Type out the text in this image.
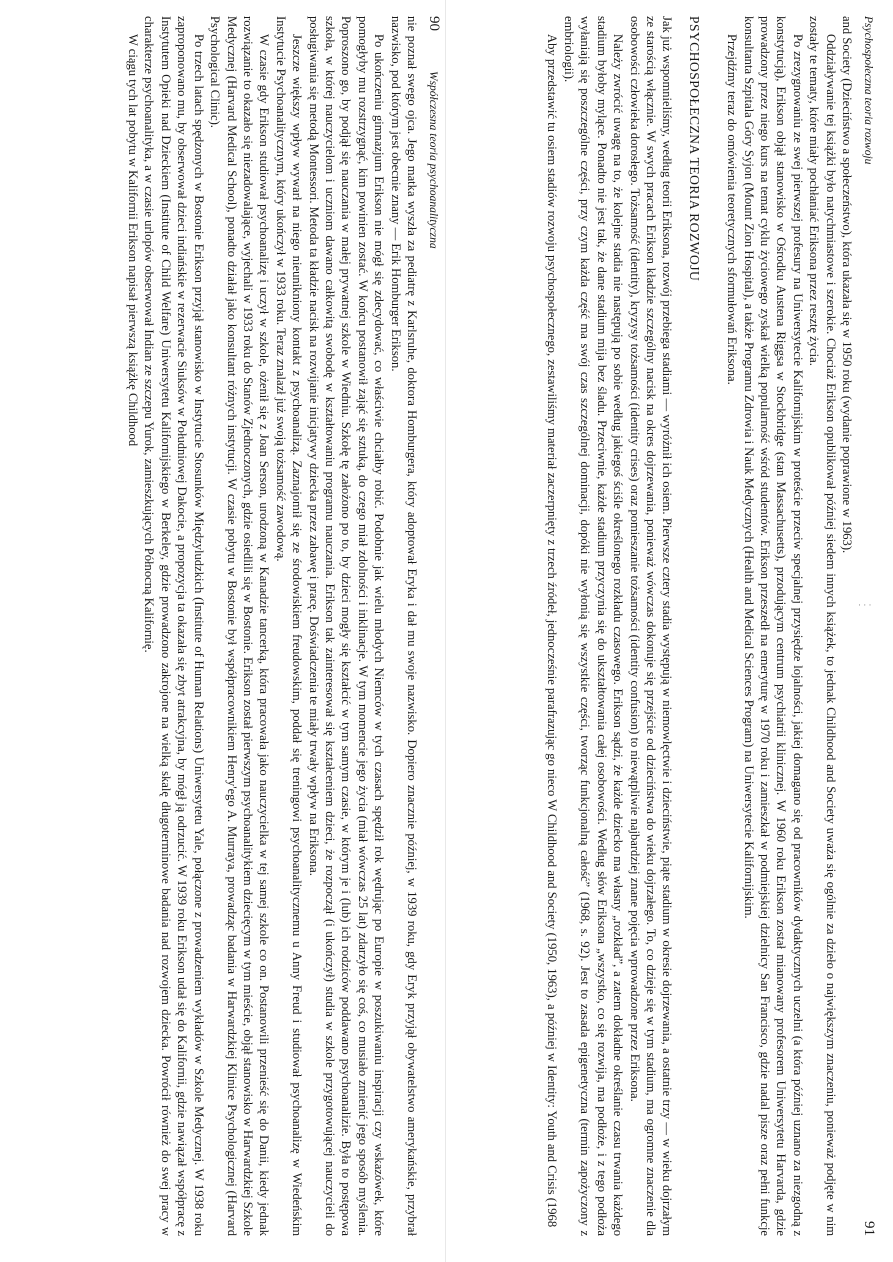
· · ·
90
Współczesna teoria psychoanalityczna

nie poznał swego ojca. Jego matka wyszła za pediatrę z Karlsruhe, doktora Homburgera, który adoptował Eryka i dał mu swoje nazwisko. Dopiero znacznie później, w 1939 roku, gdy Eryk przyjął obywatelstwo amerykańskie, przybrał nazwisko, pod którym jest obecnie znany — Erik Homburger Erikson.

Po ukończeniu gimnazjum Erikson nie mógł się zdecydować, co właściwie chciałby robić. Podobnie jak wielu młodych Niemców w tych czasach spędził rok wędrując po Europie w poszukiwaniu inspiracji czy wskazówek, które pomogłyby mu rozstrzygnąć, kim powinien zostać. W końcu postanowił zająć się sztuką, do czego miał zdolności i inklinacje. W tym momencie jego życia (miał wówczas 25 lat) zdarzyło się coś, co musiało zmienić jego sposób myślenia. Poproszono go, by podjął się nauczania w małej prywatnej szkole w Wiedniu. Szkołę tę założono po to, by dzieci mogły się kształcić w tym samym czasie, w którym je i (lub) ich rodziców poddawano psychoanalizie. Była to postępowa szkoła, w której nauczycielom i uczniom dawano całkowitą swobodę w kształtowaniu programu nauczania. Erikson tak zainteresował się kształceniem dzieci, że rozpoczął (i ukończył) studia w szkole przygotowującej nauczycieli do posługiwania się metodą Montessori. Metoda ta kładzie nacisk na rozwijanie inicjatywy dziecka przez zabawę i pracę. Doświadczenia te miały trwały wpływ na Eriksona.

Jeszcze większy wpływ wywarł na niego nieunikniony kontakt z psychoanalizą. Zaznajomił się ze środowiskiem freudowskim, poddał się treningowi psychoanalitycznemu u Anny Freud i studiował psychoanalizę w Wiedeńskim Instytucie Psychoanalitycznym, który ukończył w 1933 roku. Teraz znalazł już swoją tożsamość zawodową.

W czasie gdy Erikson studiował psychoanalizę i uczył w szkole, ożenił się z Joan Serson, urodzoną w Kanadzie tancerką, która pracowała jako nauczycielka w tej samej szkole co on. Postanowili przenieść się do Danii, kiedy jednak rozwiązanie to okazało się niezadowalające, wyjechali w 1933 roku do Stanów Zjednoczonych, gdzie osiedlili się w Bostonie. Erikson został pierwszym psychoanalitykiem dziecięcym w tym mieście, objął stanowisko w Harwardzkiej Szkole Medycznej (Harvard Medical School), ponadto działał jako konsultant różnych instytucji. W czasie pobytu w Bostonie był współpracownikiem Henry'ego A. Murraya, prowadząc badania w Harwardzkiej Klinice Psychologicznej (Harvard Psychological Clinic).

Po trzech latach spędzonych w Bostonie Erikson przyjął stanowisko w Instytucie Stosunków Międzyludzkich (Institute of Human Relations) Uniwersytetu Yale, połączone z prowadzeniem wykładów w Szkole Medycznej. W 1938 roku zaproponowano mu, by obserwował dzieci indiańskie w rezerwacie Siuksów w Południowej Dakocie, a propozycja ta okazała się zbyt atrakcyjna, by mógł ją odrzucić. W 1939 roku Erikson udał się do Kalifornii, gdzie nawiązał współpracę z Instytutem Opieki nad Dzieckiem (Institute of Child Welfare) Uniwersytetu Kalifornijskiego w Berkeley, gdzie prowadzono zakrojone na wielką skalę długoterminowe badania nad rozwojem dziecka. Powrócił również do swej pracy w charakterze psychoanalityka, a w czasie urlopów obserwował Indian ze szczepu Yurok, zamieszkujących Północną Kalifornię.

W ciągu tych lat pobytu w Kalifornii Erikson napisał pierwszą książkę Childhood	Psychospołeczna teoria rozwoju
91

and Society (Dzieciństwo a społeczeństwo), która ukazała się w 1950 roku (wydanie poprawione w 1963).

Oddziaływanie tej książki było natychmiastowe i szerokie. Chociaż Erikson opublikował później siedem innych książek, to jednak Childhood and Society uważa się ogólnie za dzieło o największym znaczeniu, ponieważ podjęte w nim zostały te tematy, które miały pochłaniać Eriksona przez resztę życia.

Po zrezygnowaniu ze swej pierwszej profesury na Uniwersytecie Kalifornijskim w proteście przeciw specjalnej przysiędze lojalności, jakiej domagano się od pracowników dydaktycznych uczelni (a która później uznano za niezgodną z konstytucją), Erikson objął stanowisko w Ośrodku Austena Riggsa w Stockbridge (stan Massachusetts), przodującym centrum psychiatrii klinicznej. W 1960 roku Erikson został mianowany profesorem Uniwersytetu Harvarda, gdzie prowadzony przez niego kurs na temat cyklu życiowego zyskał wielką popularność wśród studentów. Erikson przeszedł na emeryturę w 1970 roku i zamieszkał w podmiejskiej dzielnicy San Francisco, gdzie nadal pisze oraz pełni funkcje konsultanta Szpitala Góry Syjon (Mount Zion Hospital), a także Programu Zdrowia i Nauk Medycznych (Health and Medical Sciences Program) na Uniwersytecie Kalifornijskim.

Przejdźmy teraz do omówienia teoretycznych sformułowań Eriksona.

PSYCHOSPOŁECZNA TEORIA ROZWOJU

Jak już wspomnieliśmy, według teorii Eriksona, rozwój przebiega stadiami — wyróżnił ich osiem. Pierwsze cztery stadia występują w niemowlęctwie i dzieciństwie, piąte stadium w okresie dojrzewania, a ostatnie trzy — w wieku dojrzałym ze starością włącznie. W swych pracach Erikson kładzie szczególny nacisk na okres dojrzewania, ponieważ wówczas dokonuje się przejście od dzieciństwa do wieku dojrzałego. To, co dzieje się w tym stadium, ma ogromne znaczenie dla osobowości człowieka dorosłego. Tożsamość (identity), kryzysy tożsamości (identity crises) oraz pomieszanie tożsamości (identity confusion) to niewątpliwie najbardziej znane pojęcia wprowadzone przez Eriksona.

Należy zwrócić uwagę na to, że kolejne stadia nie następują po sobie według jakiegoś ściśle określonego rozkładu czasowego. Erikson sądzi, że każde dziecko ma własny „rozkład”, a zatem dokładne określanie czasu trwania każdego stadium byłoby mylące. Ponadto nie jest tak, że dane stadium mija bez śladu. Przeciwnie, każde stadium przyczynia się do ukształtowania całej osobowości. Według słów Eriksona „wszystko, co się rozwija, ma podłoże, i z tego podłoża wyłaniają się poszczególne części, przy czym każda część ma swój czas szczególnej dominacji, dopóki nie wyłonią się wszystkie części, tworząc funkcjonalną całość” (1968, s. 92). Jest to zasada epigenetyczna (termin zapożyczony z embriologii).

Aby przedstawić tu osiem stadiów rozwoju psychospołecznego, zestawiliśmy materiał zaczerpnięty z trzech źródeł, jednocześnie parafrazując go nieco W Childhood and Society (1950, 1963), a później w Identity: Youth and Crisis (1968
